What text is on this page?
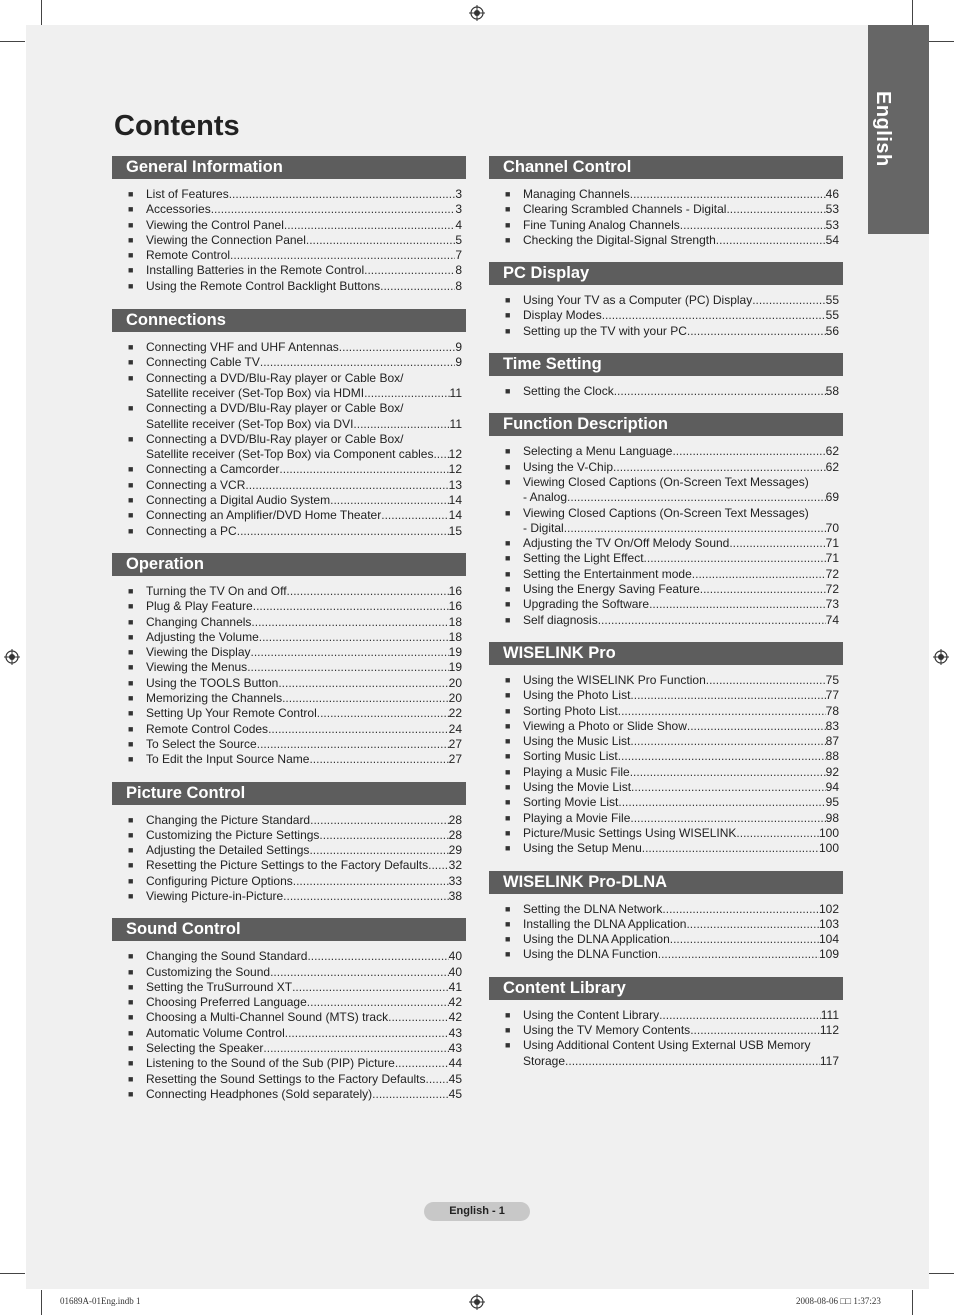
English
Contents
General Information
■ List of Features .....	3
■ Accessories .....	3
■ Viewing the Control Panel .....	4
■ Viewing the Connection Panel .....	5
■ Remote Control .....	7
■ Installing Batteries in the Remote Control .....	8
■ Using the Remote Control Backlight Buttons .....	8
Connections
■ Connecting VHF and UHF Antennas .....	9
■ Connecting Cable TV .....	9
■ Connecting a DVD/Blu-Ray player or Cable Box/
Satellite receiver (Set-Top Box) via HDMI .....	11
■ Connecting a DVD/Blu-Ray player or Cable Box/
Satellite receiver (Set-Top Box) via DVI .....	11
■ Connecting a DVD/Blu-Ray player or Cable Box/
Satellite receiver (Set-Top Box) via Component cables ..... 12
■ Connecting a Camcorder .....	12
■ Connecting a VCR .....	13
■ Connecting a Digital Audio System .....	14
■ Connecting an Amplifier/DVD Home Theater .....	14
■ Connecting a PC .....	15
Operation
■ Turning the TV On and Off .....	16
■ Plug & Play Feature .....	16
■ Changing Channels .....	18
■ Adjusting the Volume .....	18
■ Viewing the Display .....	19
■ Viewing the Menus .....	19
■ Using the TOOLS Button .....	20
■ Memorizing the Channels .....	20
■ Setting Up Your Remote Control .....	22
■ Remote Control Codes .....	24
■ To Select the Source .....	27
■ To Edit the Input Source Name .....	27
Picture Control
■ Changing the Picture Standard .....	28
■ Customizing the Picture Settings .....	28
■ Adjusting the Detailed Settings .....	29
■ Resetting the Picture Settings to the Factory Defaults ..... 32
■ Configuring Picture Options .....	33
■ Viewing Picture-in-Picture .....	38
Sound Control
■ Changing the Sound Standard .....	40
■ Customizing the Sound .....	40
■ Setting the TruSurround XT .....	41
■ Choosing Preferred Language .....	42
■ Choosing a Multi-Channel Sound (MTS) track .....	42
■ Automatic Volume Control .....	43
■ Selecting the Speaker .....	43
■ Listening to the Sound of the Sub (PIP) Picture .....	44
■ Resetting the Sound Settings to the Factory Defaults ..... 45
■ Connecting Headphones (Sold separately) .....	45
Channel Control
■ Managing Channels .....	46
■ Clearing Scrambled Channels - Digital .....	53
■ Fine Tuning Analog Channels .....	53
■ Checking the Digital-Signal Strength .....	54
PC Display
■ Using Your TV as a Computer (PC) Display .....	55
■ Display Modes .....	55
■ Setting up the TV with your PC .....	56
Time Setting
■ Setting the Clock .....	58
Function Description
■ Selecting a Menu Language .....	62
■ Using the V-Chip .....	62
■ Viewing Closed Captions (On-Screen Text Messages)
- Analog .....	69
■ Viewing Closed Captions (On-Screen Text Messages)
- Digital .....	70
■ Adjusting the TV On/Off Melody Sound .....	71
■ Setting the Light Effect .....	71
■ Setting the Entertainment mode .....	72
■ Using the Energy Saving Feature .....	72
■ Upgrading the Software .....	73
■ Self diagnosis .....	74
WISELINK Pro
■ Using the WISELINK Pro Function .....	75
■ Using the Photo List .....	77
■ Sorting Photo List .....	78
■ Viewing a Photo or Slide Show .....	83
■ Using the Music List .....	87
■ Sorting Music List .....	88
■ Playing a Music File .....	92
■ Using the Movie List .....	94
■ Sorting Movie List .....	95
■ Playing a Movie File .....	98
■ Picture/Music Settings Using WISELINK .....	100
■ Using the Setup Menu .....	100
WISELINK Pro-DLNA
■ Setting the DLNA Network .....	102
■ Installing the DLNA Application .....	103
■ Using the DLNA Application .....	104
■ Using the DLNA Function .....	109
Content Library
■ Using the Content Library .....	111
■ Using the TV Memory Contents .....	112
■ Using Additional Content Using External USB Memory
Storage .....	117
English - 1
01689A-01Eng.indb 1	2008-08-06 □□ 1:37:23
